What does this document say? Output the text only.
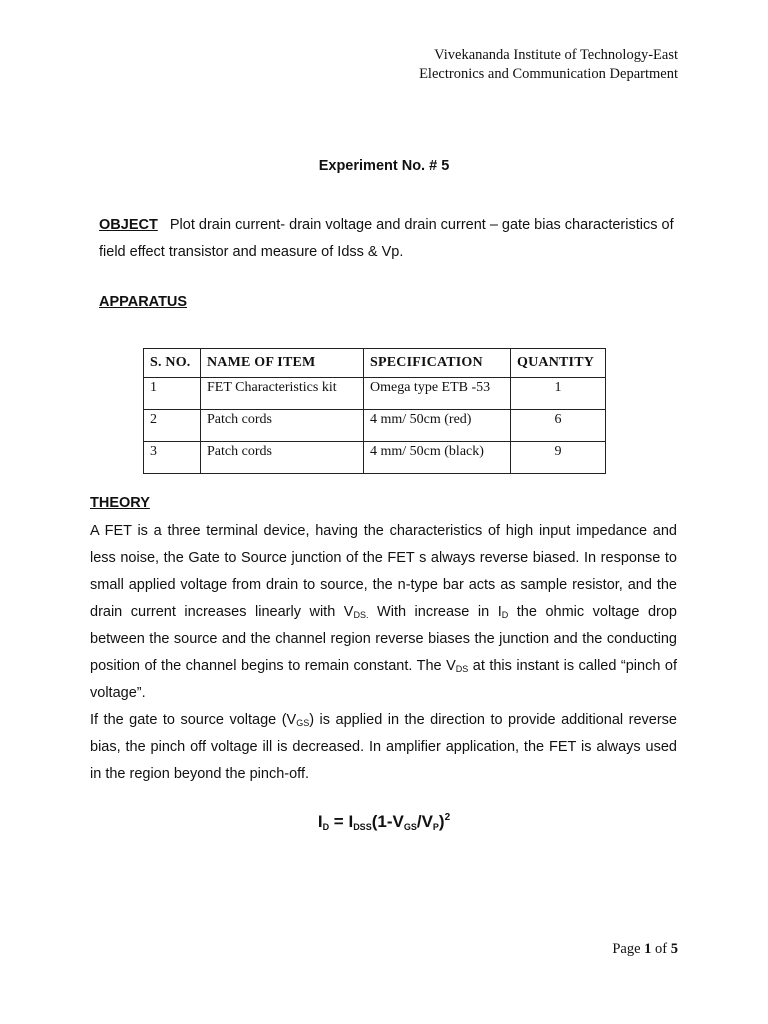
Vivekananda Institute of Technology-East
Electronics and Communication Department
Experiment No. # 5
OBJECT Plot drain current- drain voltage and drain current – gate bias characteristics of field effect transistor and measure of Idss & Vp.
APPARATUS
S. NO.	NAME OF ITEM	SPECIFICATION	QUANTITY
1	FET Characteristics kit	Omega type ETB -53	1
2	Patch cords	4 mm/ 50cm (red)	6
3	Patch cords	4 mm/ 50cm (black)	9
THEORY

A FET is a three terminal device, having the characteristics of high input impedance and less noise, the Gate to Source junction of the FET s always reverse biased. In response to small applied voltage from drain to source, the n-type bar acts as sample resistor, and the drain current increases linearly with $V_{DS.}$ With increase in $I_D$ the ohmic voltage drop between the source and the channel region reverse biases the junction and the conducting position of the channel begins to remain constant. The $V_{DS}$ at this instant is called “pinch of voltage”.

If the gate to source voltage $(V_{GS})$ is applied in the direction to provide additional reverse bias, the pinch off voltage ill is decreased. In amplifier application, the FET is always used in the region beyond the pinch-off.

$I_D = I_{DSS}(1-V_{GS}/V_P)^2$
Page 1 of 5
